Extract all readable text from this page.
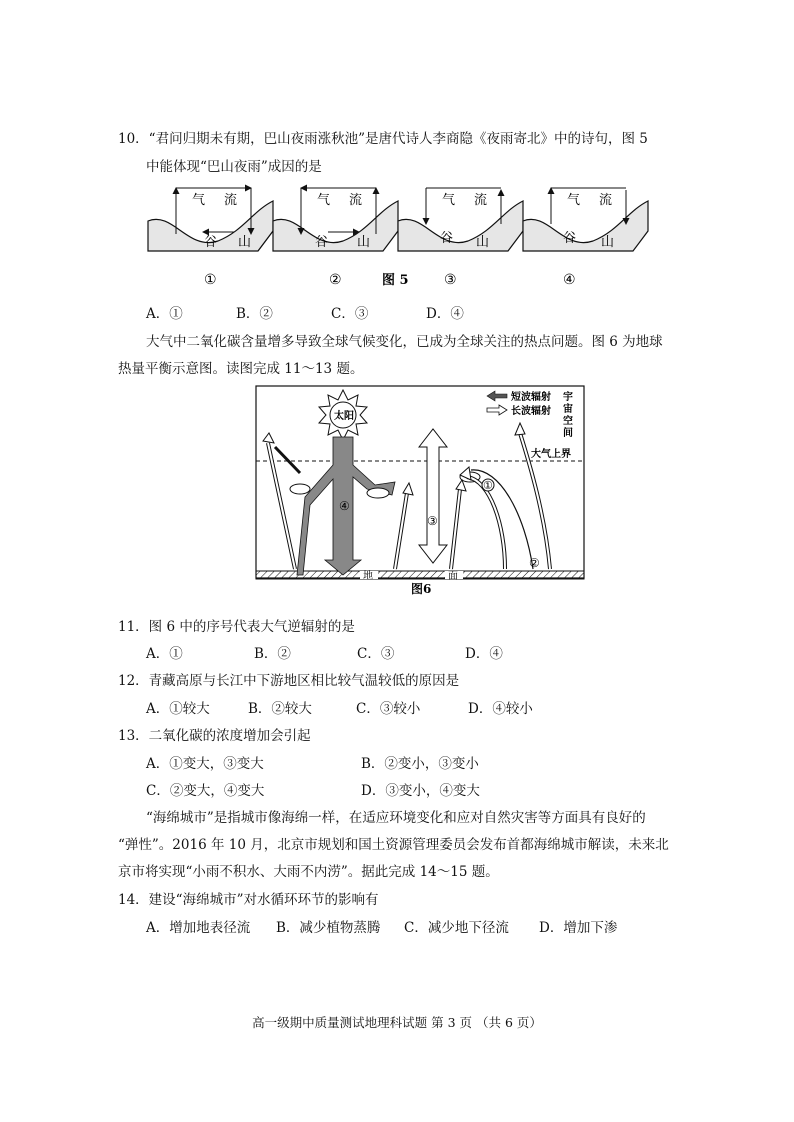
10．“君问归期未有期，巴山夜雨涨秋池”是唐代诗人李商隐《夜雨寄北》中的诗句，图 5
中能体现“巴山夜雨”成因的是
气 流
谷 山
①
气 流
谷 山
②
气 流
谷 山
③
气 流
谷 山
④
图 5
A．①	B．②	C．③	D．④
大气中二氧化碳含量增多导致全球气候变化，已成为全球关注的热点问题。图 6 为地球
热量平衡示意图。读图完成 11～13 题。
太阳
④
③
①
②
短波辐射
长波辐射
宇
宙
空
间
大气上界
地	面
图6
11．图 6 中的序号代表大气逆辐射的是
A．①	B．②	C．③	D．④
12．青藏高原与长江中下游地区相比较气温较低的原因是
A．①较大	B．②较大	C．③较小	D．④较小
13．二氧化碳的浓度增加会引起
A．①变大，③变大	B．②变小，③变小
C．②变大，④变大	D．③变小，④变大
“海绵城市”是指城市像海绵一样，在适应环境变化和应对自然灾害等方面具有良好的
“弹性”。2016 年 10 月，北京市规划和国土资源管理委员会发布首都海绵城市解读，未来北
京市将实现“小雨不积水、大雨不内涝”。据此完成 14～15 题。
14．建设“海绵城市”对水循环环节的影响有
A．增加地表径流 B．减少植物蒸腾 C．减少地下径流 D．增加下渗
高一级期中质量测试地理科试题 第 3 页 （共 6 页）
